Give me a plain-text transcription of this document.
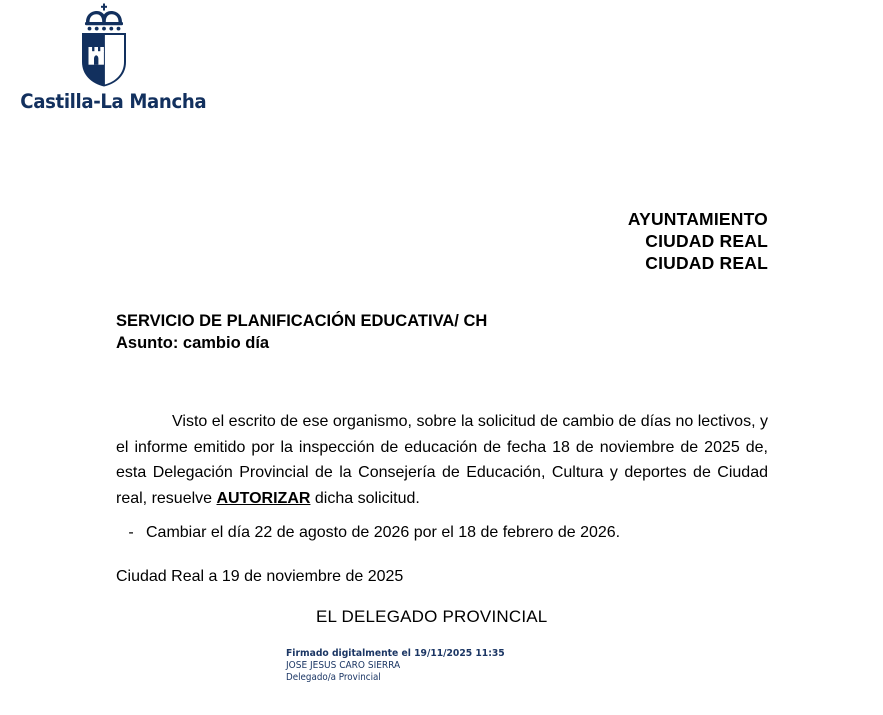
Castilla-La Mancha
AYUNTAMIENTO
CIUDAD REAL
CIUDAD REAL
SERVICIO DE PLANIFICACIÓN EDUCATIVA/ CH
Asunto: cambio día

Visto el escrito de ese organismo, sobre la solicitud de cambio de días no lectivos, y el informe emitido por la inspección de educación de fecha 18 de noviembre de 2025 de, esta Delegación Provincial de la Consejería de Educación, Cultura y deportes de Ciudad real, resuelve AUTORIZAR dicha solicitud.

- Cambiar el día 22 de agosto de 2026 por el 18 de febrero de 2026.
Ciudad Real a 19 de noviembre de 2025
EL DELEGADO PROVINCIAL
Firmado digitalmente el 19/11/2025 11:35
JOSE JESUS CARO SIERRA
Delegado/a Provincial
